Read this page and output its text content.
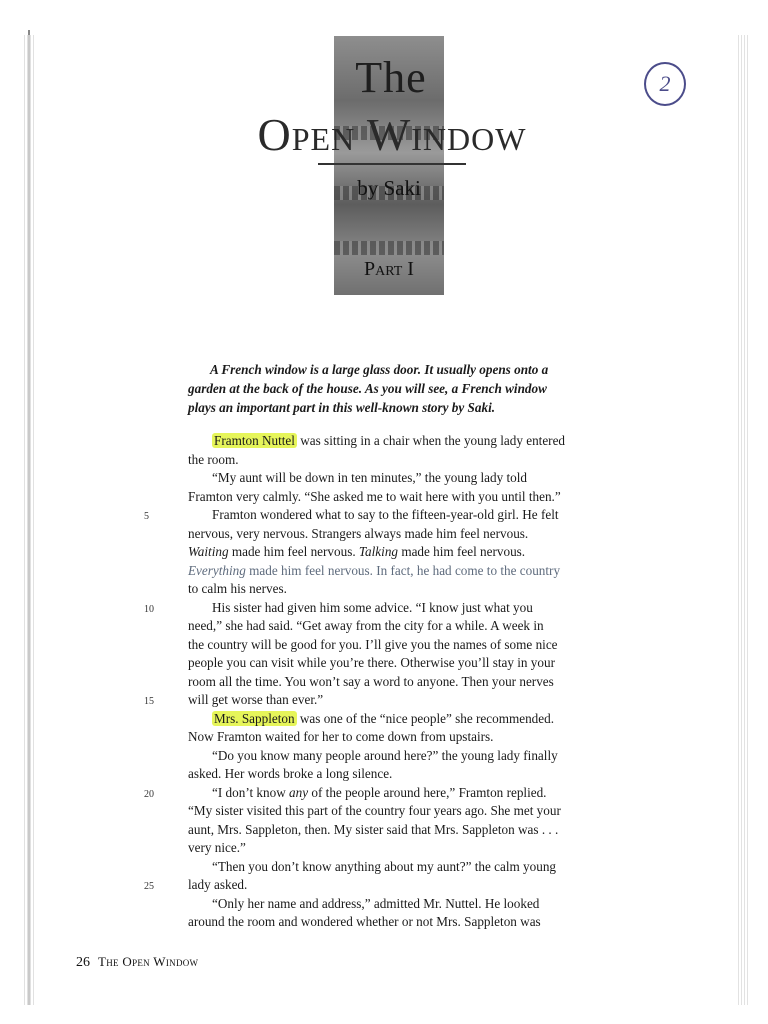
The
Open Window
by Saki
Part I
2
A French window is a large glass door. It usually opens onto a
garden at the back of the house. As you will see, a French window
plays an important part in this well-known story by Saki.
Framton Nuttel was sitting in a chair when the young lady entered
the room.
“My aunt will be down in ten minutes,” the young lady told
Framton very calmly. “She asked me to wait here with you until then.”
5	Framton wondered what to say to the fifteen-year-old girl. He felt
nervous, very nervous. Strangers always made him feel nervous.
Waiting made him feel nervous. Talking made him feel nervous.
Everything made him feel nervous. In fact, he had come to the country
to calm his nerves.
10	His sister had given him some advice. “I know just what you
need,” she had said. “Get away from the city for a while. A week in
the country will be good for you. I’ll give you the names of some nice
people you can visit while you’re there. Otherwise you’ll stay in your
room all the time. You won’t say a word to anyone. Then your nerves
15	will get worse than ever.”
Mrs. Sappleton was one of the “nice people” she recommended.
Now Framton waited for her to come down from upstairs.
“Do you know many people around here?” the young lady finally
asked. Her words broke a long silence.
20	“I don’t know any of the people around here,” Framton replied.
“My sister visited this part of the country four years ago. She met your
aunt, Mrs. Sappleton, then. My sister said that Mrs. Sappleton was . . .
very nice.”
“Then you don’t know anything about my aunt?” the calm young
25	lady asked.
“Only her name and address,” admitted Mr. Nuttel. He looked
around the room and wondered whether or not Mrs. Sappleton was
26 The Open Window
